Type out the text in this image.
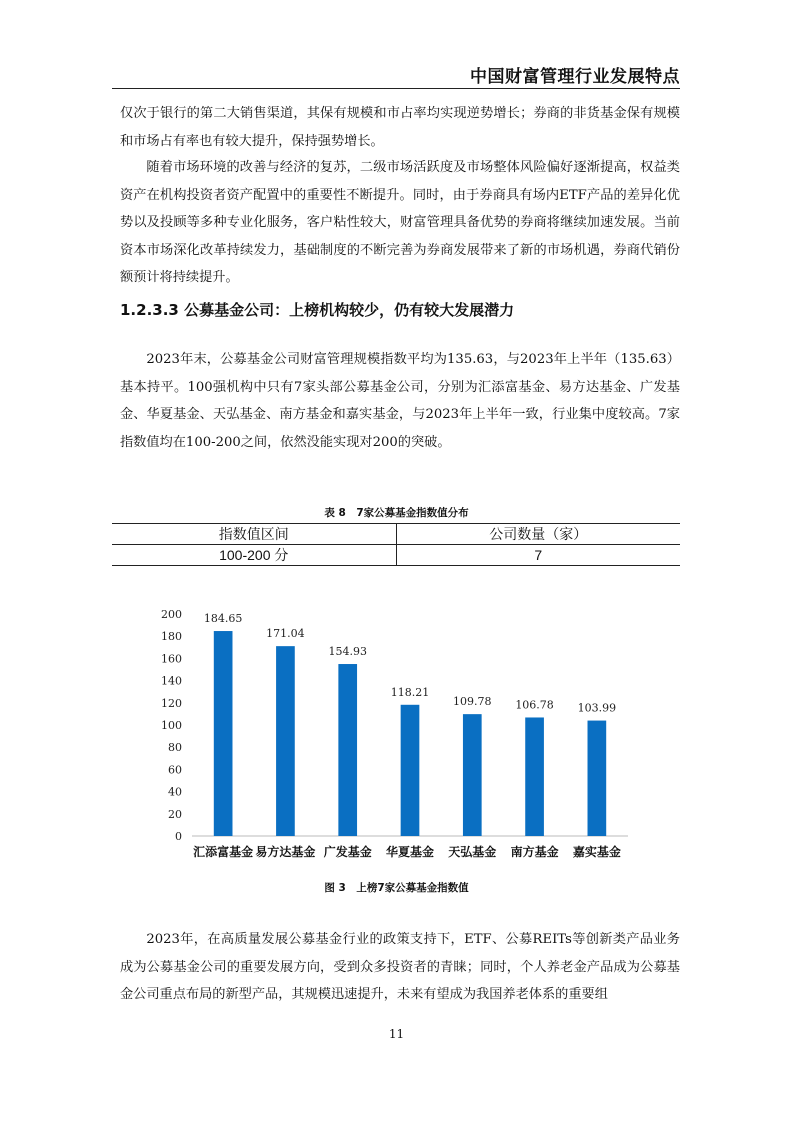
中国财富管理行业发展特点

仅次于银行的第二大销售渠道，其保有规模和市占率均实现逆势增长；券商的非货基金保有规模和市场占有率也有较大提升，保持强势增长。

随着市场环境的改善与经济的复苏，二级市场活跃度及市场整体风险偏好逐渐提高，权益类资产在机构投资者资产配置中的重要性不断提升。同时，由于券商具有场内ETF产品的差异化优势以及投顾等多种专业化服务，客户粘性较大，财富管理具备优势的券商将继续加速发展。当前资本市场深化改革持续发力，基础制度的不断完善为券商发展带来了新的市场机遇，券商代销份额预计将持续提升。

1.2.3.3 公募基金公司：上榜机构较少，仍有较大发展潜力

2023年末，公募基金公司财富管理规模指数平均为135.63，与2023年上半年（135.63）基本持平。100强机构中只有7家头部公募基金公司，分别为汇添富基金、易方达基金、广发基金、华夏基金、天弘基金、南方基金和嘉实基金，与2023年上半年一致，行业集中度较高。7家指数值均在100-200之间，依然没能实现对200的突破。

表 8　7家公募基金指数值分布
指数值区间	公司数量（家）
100-200 分	7
0
20
40
60
80
100
120
140
160
180
200 184.65
汇添富基金
171.04
易方达基金
154.93
广发基金
118.21
华夏基金
109.78
天弘基金
106.78
南方基金
103.99
嘉实基金
图 3　上榜7家公募基金指数值

2023年，在高质量发展公募基金行业的政策支持下，ETF、公募REITs等创新类产品业务成为公募基金公司的重要发展方向，受到众多投资者的青睐；同时，个人养老金产品成为公募基金公司重点布局的新型产品，其规模迅速提升，未来有望成为我国养老体系的重要组

11
